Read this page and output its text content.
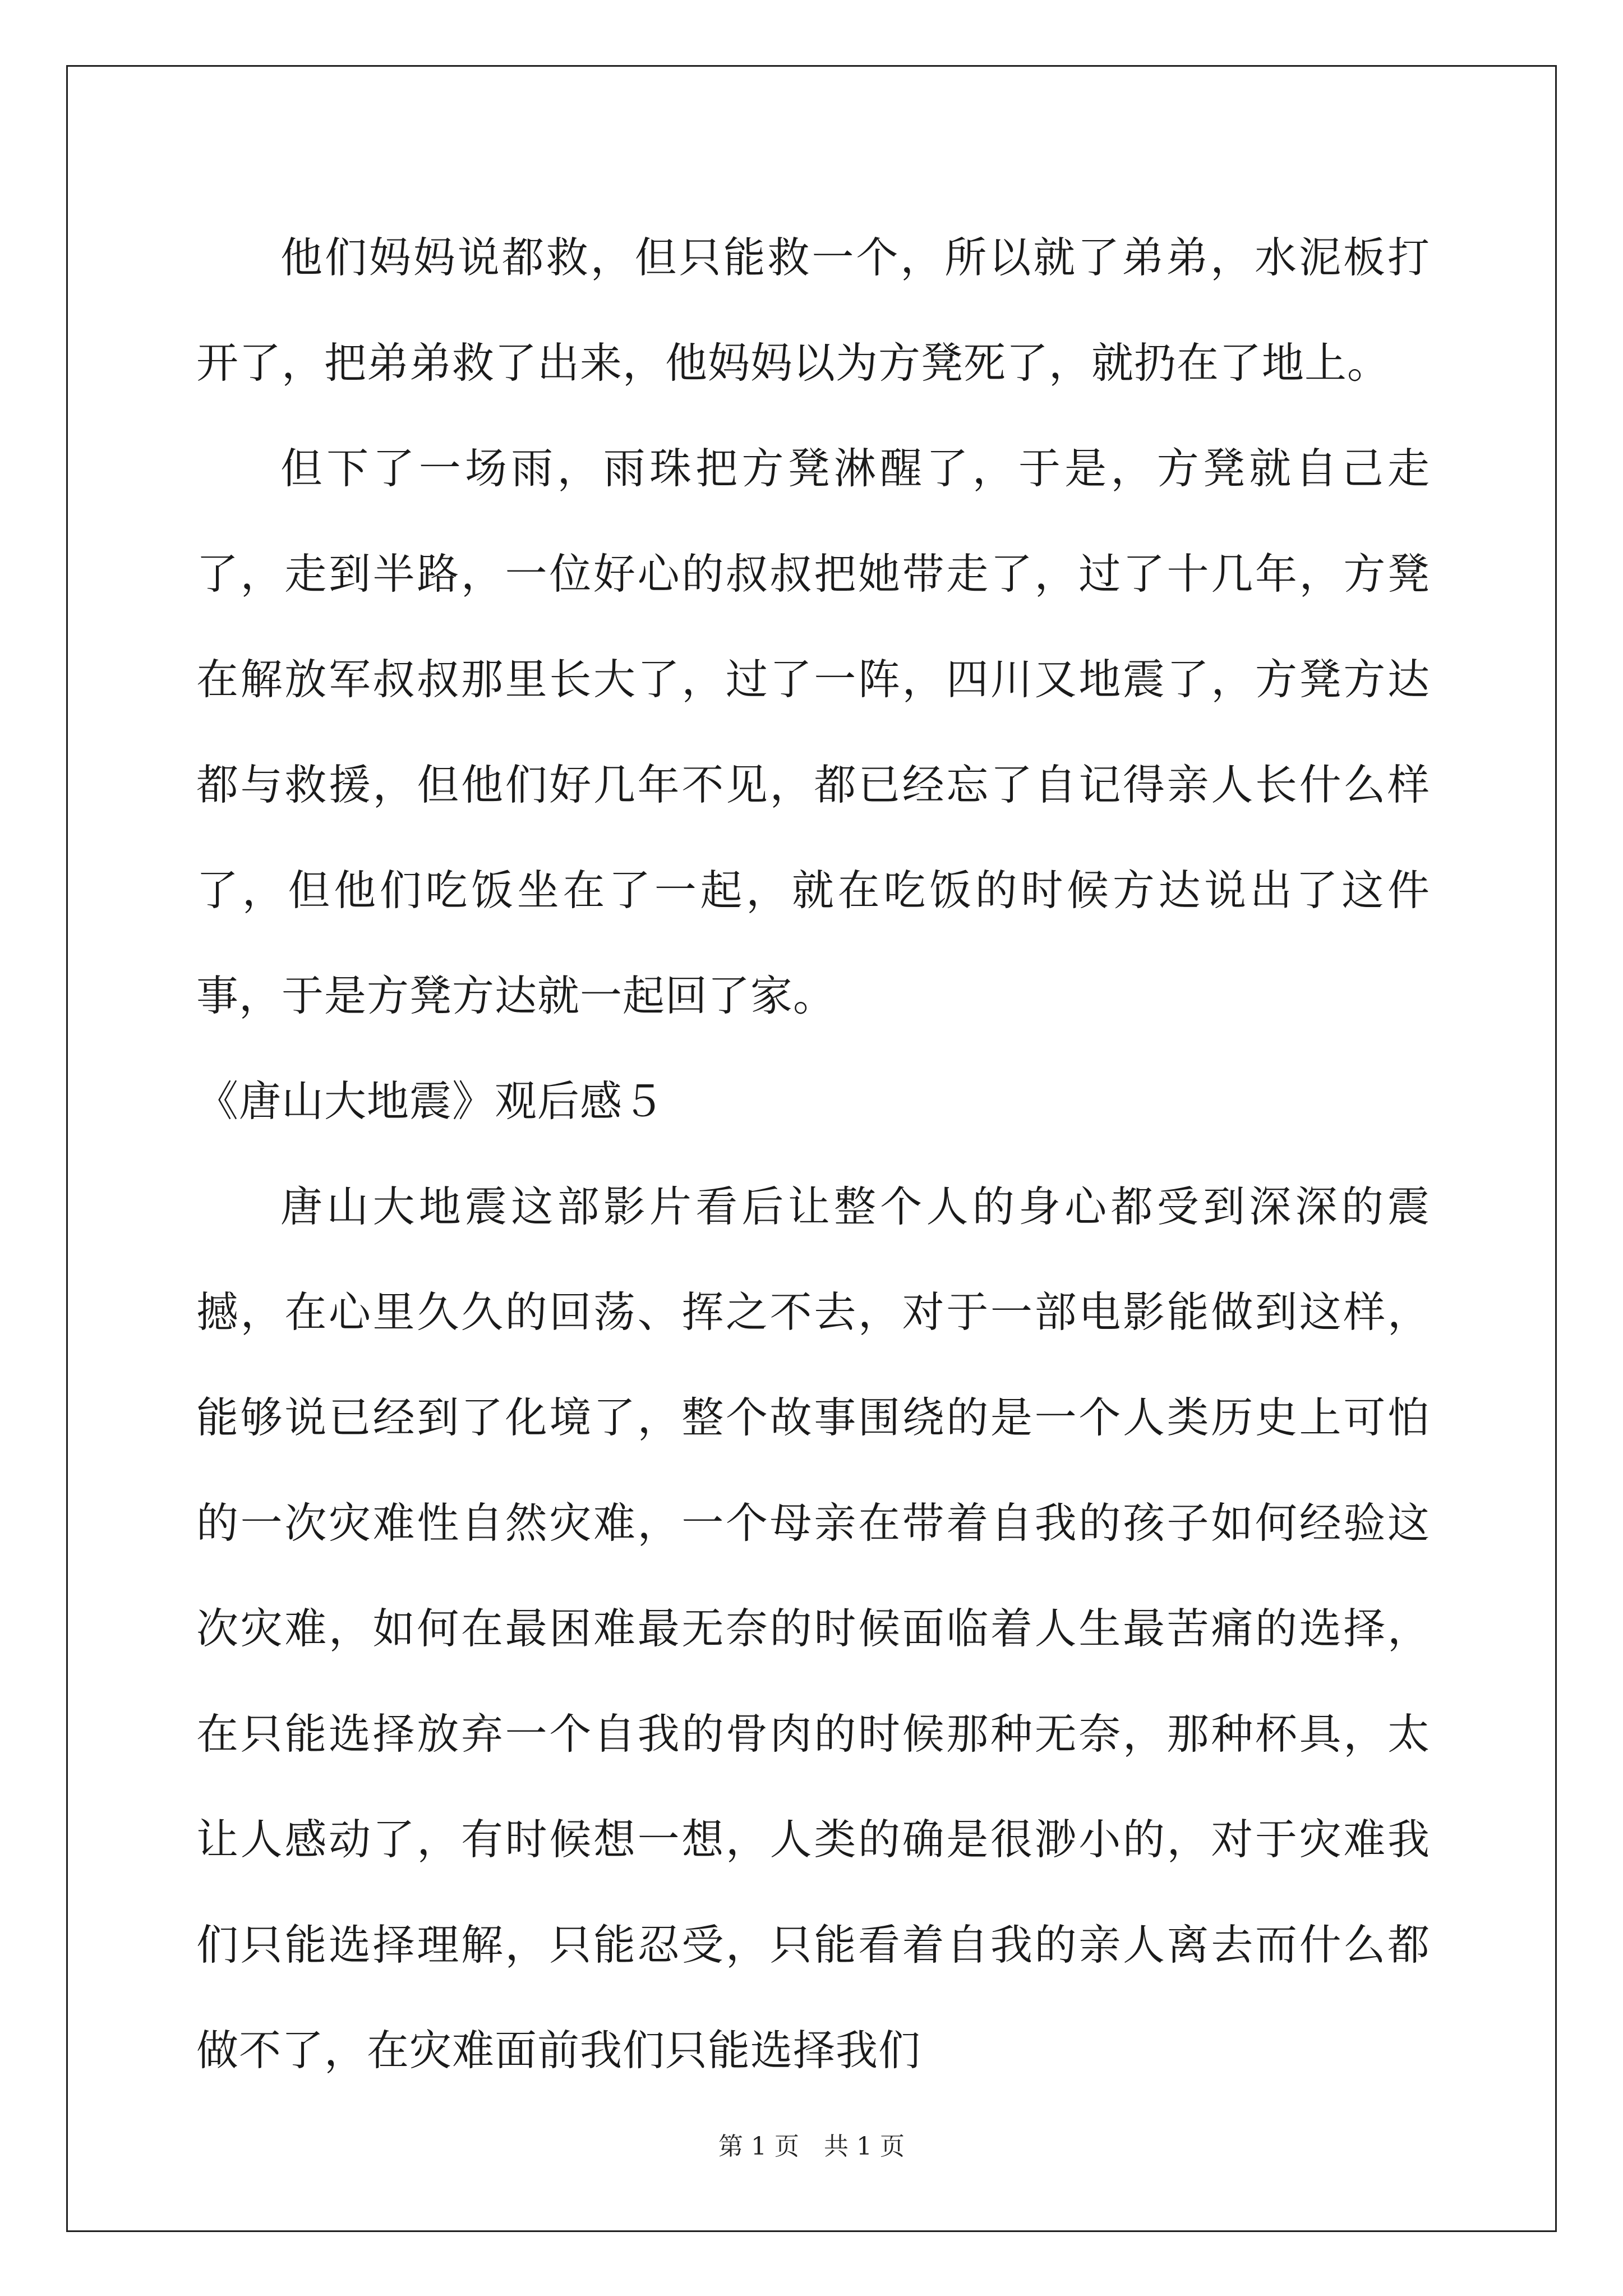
他们妈妈说都救，但只能救一个，所以就了弟弟，水泥板打开了，把弟弟救了出来，他妈妈以为方凳死了，就扔在了地上。

但下了一场雨，雨珠把方凳淋醒了，于是，方凳就自己走了，走到半路，一位好心的叔叔把她带走了，过了十几年，方凳在解放军叔叔那里长大了，过了一阵，四川又地震了，方凳方达都与救援，但他们好几年不见，都已经忘了自记得亲人长什么样了，但他们吃饭坐在了一起，就在吃饭的时候方达说出了这件事，于是方凳方达就一起回了家。

《唐山大地震》观后感５

唐山大地震这部影片看后让整个人的身心都受到深深的震撼，在心里久久的回荡、挥之不去，对于一部电影能做到这样，能够说已经到了化境了，整个故事围绕的是一个人类历史上可怕的一次灾难性自然灾难，一个母亲在带着自我的孩子如何经验这次灾难，如何在最困难最无奈的时候面临着人生最苦痛的选择，在只能选择放弃一个自我的骨肉的时候那种无奈，那种杯具，太让人感动了，有时候想一想，人类的确是很渺小的，对于灾难我们只能选择理解，只能忍受，只能看着自我的亲人离去而什么都做不了，在灾难面前我们只能选择我们

第 1 页　共 1 页
